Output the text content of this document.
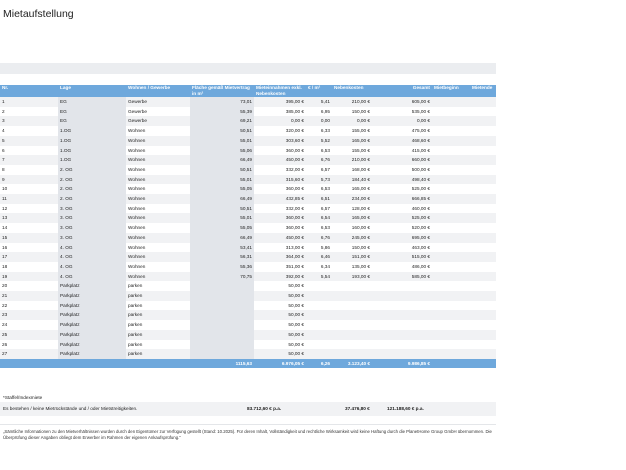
Mietaufstellung
Nr.	Lage	Wohnen / Gewerbe	Fläche gemäß Mietvertrag in m²	Mieteinnahmen exkl. Nebenkosten	€ / m²	Nebenkosten	Gesamt	Mietbeginn	Mietende
1	EG	Gewerbe	73,01	395,00 €	5,41	210,00 €	605,00 €		
2	EG	Gewerbe	55,39	385,00 €	6,95	150,00 €	535,00 €		
3	EG	Gewerbe	69,21	0,00 €	0,00	0,00 €	0,00 €		
4	1.OG	Wohnen	50,51	320,00 €	6,33	155,00 €	475,00 €		
5	1.OG	Wohnen	55,01	303,60 €	5,52	165,00 €	468,60 €		
6	1.OG	Wohnen	55,06	360,00 €	6,53	155,00 €	415,00 €		
7	1.OG	Wohnen	66,49	450,00 €	6,76	210,00 €	660,00 €		
8	2. OG	Wohnen	50,51	332,00 €	6,57	168,00 €	500,00 €		
9	2. OG	Wohnen	55,01	315,60 €	5,73	184,40 €	498,40 €		
10	2. OG	Wohnen	55,05	360,00 €	6,53	165,00 €	525,00 €		
11	2. OG	Wohnen	66,49	432,85 €	6,51	234,00 €	666,85 €		
12	3. OG	Wohnen	50,51	332,00 €	6,57	128,00 €	460,00 €		
13	3. OG	Wohnen	55,01	360,00 €	6,54	165,00 €	525,00 €		
14	3. OG	Wohnen	55,05	360,00 €	6,53	160,00 €	520,00 €		
15	3. OG	Wohnen	66,49	450,00 €	6,76	245,00 €	695,00 €		
16	4. OG	Wohnen	53,41	313,00 €	5,86	150,00 €	463,00 €		
17	4. OG	Wohnen	56,31	364,00 €	6,46	151,00 €	515,00 €		
18	4. OG	Wohnen	55,36	351,00 €	6,34	135,00 €	486,00 €		
19	4. OG	Wohnen	70,75	392,00 €	5,54	193,00 €	585,00 €		
20	Parkplatz	parken		50,00 €					
21	Parkplatz	parken		50,00 €					
22	Parkplatz	parken		50,00 €					
23	Parkplatz	parken		50,00 €					
24	Parkplatz	parken		50,00 €					
25	Parkplatz	parken		50,00 €					
26	Parkplatz	parken		50,00 €					
27	Parkplatz	parken		50,00 €					
			1115,63	6.976,05 €	6,26	3.123,40 €	9.986,85 €		
*Staffel/Indexmiete
Es bestehen / keine Mietrückstände und / oder Mietstreitigkeiten.	83.712,60 € p.a.	37.476,80 €	121.188,60 € p.a.
„Sämtliche Informationen zu den Mietverhältnissen wurden durch den Eigentümer zur Verfügung gestellt (Stand: 10.2025). Für deren Inhalt, Vollständigkeit und rechtliche Wirksamkeit wird keine Haftung durch die PlanetHome Group GmbH übernommen. Die Überprüfung dieser Angaben obliegt dem Erwerber im Rahmen der eigenen Ankaufsprüfung.“
